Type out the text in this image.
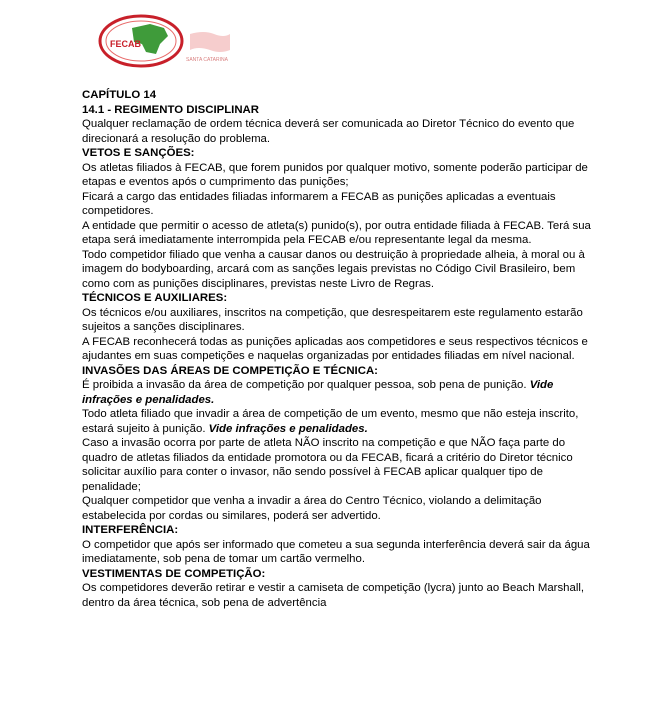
FECAB
SANTA CATARINA

CAPÍTULO 14

14.1 - REGIMENTO DISCIPLINAR

Qualquer reclamação de ordem técnica deverá ser comunicada ao Diretor Técnico do evento que direcionará a resolução do problema.

VETOS E SANÇÕES:

Os atletas filiados à FECAB, que forem punidos por qualquer motivo, somente poderão participar de etapas e eventos após o cumprimento das punições;

Ficará a cargo das entidades filiadas informarem a FECAB as punições aplicadas a eventuais competidores.

A entidade que permitir o acesso de atleta(s) punido(s), por outra entidade filiada à FECAB. Terá sua etapa será imediatamente interrompida pela FECAB e/ou representante legal da mesma.

Todo competidor filiado que venha a causar danos ou destruição à propriedade alheia, à moral ou à imagem do bodyboarding, arcará com as sanções legais previstas no Código Civil Brasileiro, bem como com as punições disciplinares, previstas neste Livro de Regras.

TÉCNICOS E AUXILIARES:

Os técnicos e/ou auxiliares, inscritos na competição, que desrespeitarem este regulamento estarão sujeitos a sanções disciplinares.

A FECAB reconhecerá todas as punições aplicadas aos competidores e seus respectivos técnicos e ajudantes em suas competições e naquelas organizadas por entidades filiadas em nível nacional.

INVASÕES DAS ÁREAS DE COMPETIÇÃO E TÉCNICA:

É proibida a invasão da área de competição por qualquer pessoa, sob pena de punição. Vide infrações e penalidades.

Todo atleta filiado que invadir a área de competição de um evento, mesmo que não esteja inscrito, estará sujeito à punição. Vide infrações e penalidades.

Caso a invasão ocorra por parte de atleta NÃO inscrito na competição e que NÃO faça parte do quadro de atletas filiados da entidade promotora ou da FECAB, ficará a critério do Diretor técnico solicitar auxílio para conter o invasor, não sendo possível à FECAB aplicar qualquer tipo de penalidade;

Qualquer competidor que venha a invadir a área do Centro Técnico, violando a delimitação estabelecida por cordas ou similares, poderá ser advertido.

INTERFERÊNCIA:

O competidor que após ser informado que cometeu a sua segunda interferência deverá sair da água imediatamente, sob pena de tomar um cartão vermelho.

VESTIMENTAS DE COMPETIÇÃO:

Os competidores deverão retirar e vestir a camiseta de competição (lycra) junto ao Beach Marshall, dentro da área técnica, sob pena de advertência
